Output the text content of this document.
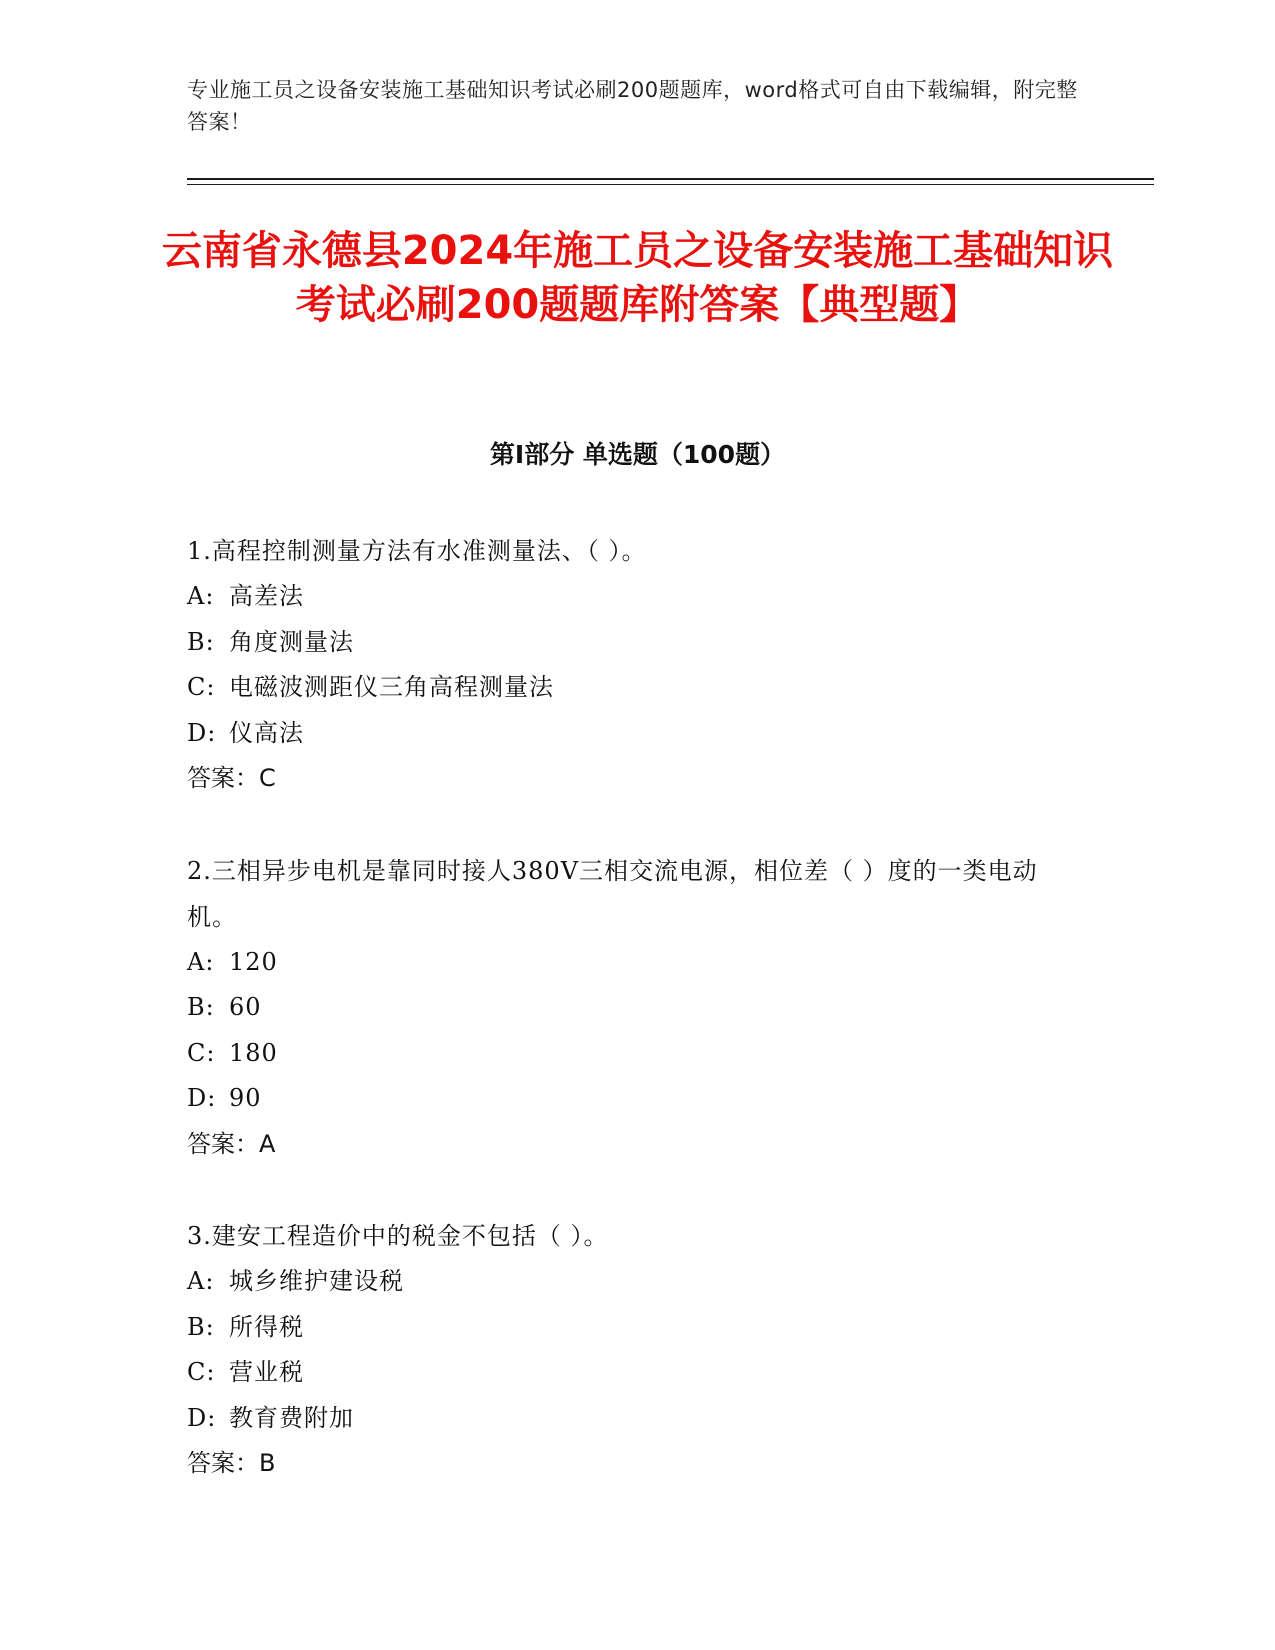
专业施工员之设备安装施工基础知识考试必刷200题题库，word格式可自由下载编辑，附完整答案！
云南省永德县2024年施工员之设备安装施工基础知识考试必刷200题题库附答案【典型题】
第Ⅰ部分 单选题（100题）

1.高程控制测量方法有水准测量法、（ ）。

A: 高差法

B: 角度测量法

C: 电磁波测距仪三角高程测量法

D: 仪高法

答案：C

2.三相异步电机是靠同时接人380V三相交流电源，相位差（ ）度的一类电动机。

A: 120

B: 60

C: 180

D: 90

答案：A

3.建安工程造价中的税金不包括（ ）。

A: 城乡维护建设税

B: 所得税

C: 营业税

D: 教育费附加

答案：B
